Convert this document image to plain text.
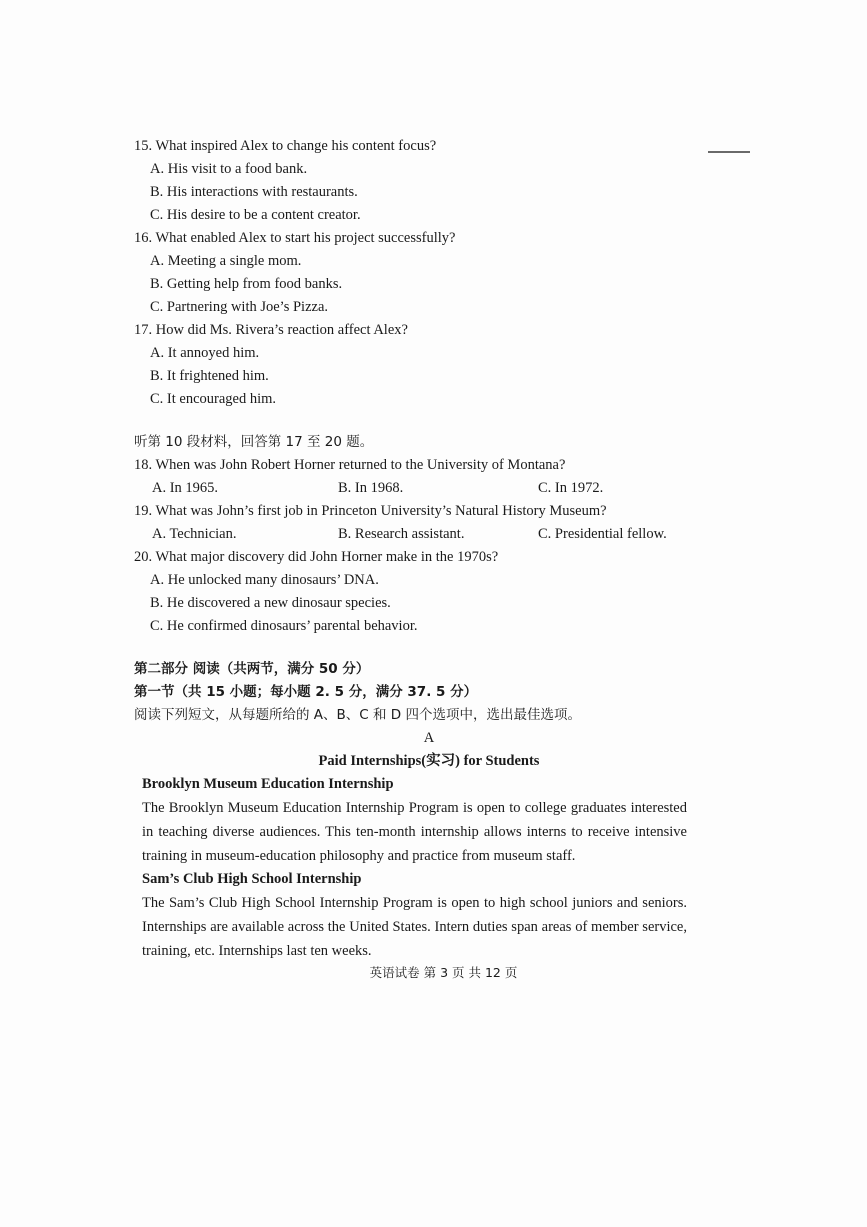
15. What inspired Alex to change his content focus?

A. His visit to a food bank.

B. His interactions with restaurants.

C. His desire to be a content creator.

16. What enabled Alex to start his project successfully?

A. Meeting a single mom.

B. Getting help from food banks.

C. Partnering with Joe’s Pizza.

17. How did Ms. Rivera’s reaction affect Alex?

A. It annoyed him.

B. It frightened him.

C. It encouraged him.

听第 10 段材料，回答第 17 至 20 题。

18. When was John Robert Horner returned to the University of Montana?

A. In 1965.	B. In 1968.	C. In 1972.

19. What was John’s first job in Princeton University’s Natural History Museum?

A. Technician.	B. Research assistant.	C. Presidential fellow.

20. What major discovery did John Horner make in the 1970s?

A. He unlocked many dinosaurs’ DNA.

B. He discovered a new dinosaur species.

C. He confirmed dinosaurs’ parental behavior.

第二部分 阅读（共两节，满分 50 分）

第一节（共 15 小题；每小题 2. 5 分，满分 37. 5 分）

阅读下列短文，从每题所给的 A、B、C 和 D 四个选项中，选出最佳选项。

A

Paid Internships(实习) for Students

Brooklyn Museum Education Internship

The Brooklyn Museum Education Internship Program is open to college graduates interested in teaching diverse audiences. This ten-month internship allows interns to receive intensive training in museum-education philosophy and practice from museum staff.

Sam’s Club High School Internship

The Sam’s Club High School Internship Program is open to high school juniors and seniors. Internships are available across the United States. Intern duties span areas of member service, training, etc. Internships last ten weeks.

英语试卷 第 3 页 共 12 页
